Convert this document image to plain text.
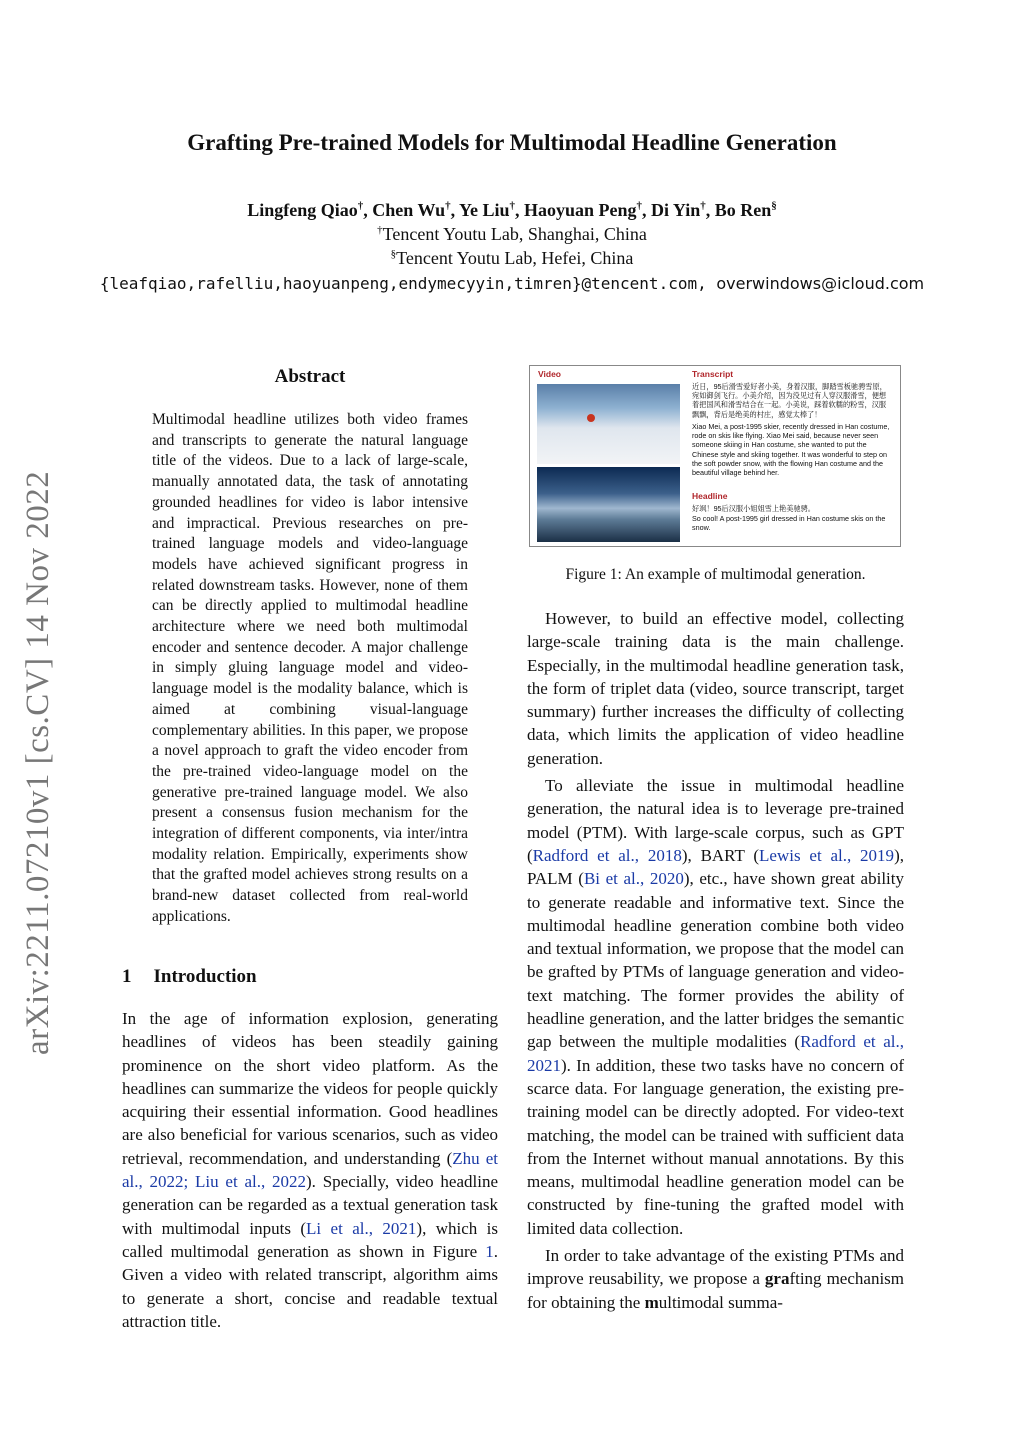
Grafting Pre-trained Models for Multimodal Headline Generation
Lingfeng Qiao†, Chen Wu†, Ye Liu†, Haoyuan Peng†, Di Yin†, Bo Ren§
†Tencent Youtu Lab, Shanghai, China
§Tencent Youtu Lab, Hefei, China
{leafqiao,rafelliu,haoyuanpeng,endymecyyin,timren}@tencent.com, overwindows@icloud.com
arXiv:2211.07210v1 [cs.CV] 14 Nov 2022
Abstract
Multimodal headline utilizes both video frames and transcripts to generate the natural language title of the videos. Due to a lack of large-scale, manually annotated data, the task of annotating grounded headlines for video is labor intensive and impractical. Previous researches on pre-trained language models and video-language models have achieved significant progress in related downstream tasks. However, none of them can be directly applied to multimodal headline architecture where we need both multimodal encoder and sentence decoder. A major challenge in simply gluing language model and video-language model is the modality balance, which is aimed at combining visual-language complementary abilities. In this paper, we propose a novel approach to graft the video encoder from the pre-trained video-language model on the generative pre-trained language model. We also present a consensus fusion mechanism for the integration of different components, via inter/intra modality relation. Empirically, experiments show that the grafted model achieves strong results on a brand-new dataset collected from real-world applications.
1 Introduction

In the age of information explosion, generating headlines of videos has been steadily gaining prominence on the short video platform. As the headlines can summarize the videos for people quickly acquiring their essential information. Good headlines are also beneficial for various scenarios, such as video retrieval, recommendation, and understanding (Zhu et al., 2022; Liu et al., 2022). Specially, video headline generation can be regarded as a textual generation task with multimodal inputs (Li et al., 2021), which is called multimodal generation as shown in Figure 1. Given a video with related transcript, algorithm aims to generate a short, concise and readable textual attraction title.

Video	Transcript
近日，95后滑雪爱好者小美，身着汉服，脚踏雪板驰骋雪原，宛如御剑飞行。小美介绍，因为没见过有人穿汉服滑雪，便想着把国风和滑雪结合在一起。小美说，踩着软糯的粉雪，汉服飘飘，背后是绝美的村庄，感觉太棒了！
Xiao Mei, a post-1995 skier, recently dressed in Han costume, rode on skis like flying. Xiao Mei said, because never seen someone skiing in Han costume, she wanted to put the Chinese style and skiing together. It was wonderful to step on the soft powder snow, with the flowing Han costume and the beautiful village behind her.
Headline
好飒！95后汉服小姐姐雪上艳美驰骋。
So cool! A post-1995 girl dressed in Han costume skis on the snow.
Figure 1: An example of multimodal generation.

However, to build an effective model, collecting large-scale training data is the main challenge. Especially, in the multimodal headline generation task, the form of triplet data (video, source transcript, target summary) further increases the difficulty of collecting data, which limits the application of video headline generation.

To alleviate the issue in multimodal headline generation, the natural idea is to leverage pre-trained model (PTM). With large-scale corpus, such as GPT (Radford et al., 2018), BART (Lewis et al., 2019), PALM (Bi et al., 2020), etc., have shown great ability to generate readable and informative text. Since the multimodal headline generation combine both video and textual information, we propose that the model can be grafted by PTMs of language generation and video-text matching. The former provides the ability of headline generation, and the latter bridges the semantic gap between the multiple modalities (Radford et al., 2021). In addition, these two tasks have no concern of scarce data. For language generation, the existing pre-training model can be directly adopted. For video-text matching, the model can be trained with sufficient data from the Internet without manual annotations. By this means, multimodal headline generation model can be constructed by fine-tuning the grafted model with limited data collection.

In order to take advantage of the existing PTMs and improve reusability, we propose a grafting mechanism for obtaining the multimodal summa-
